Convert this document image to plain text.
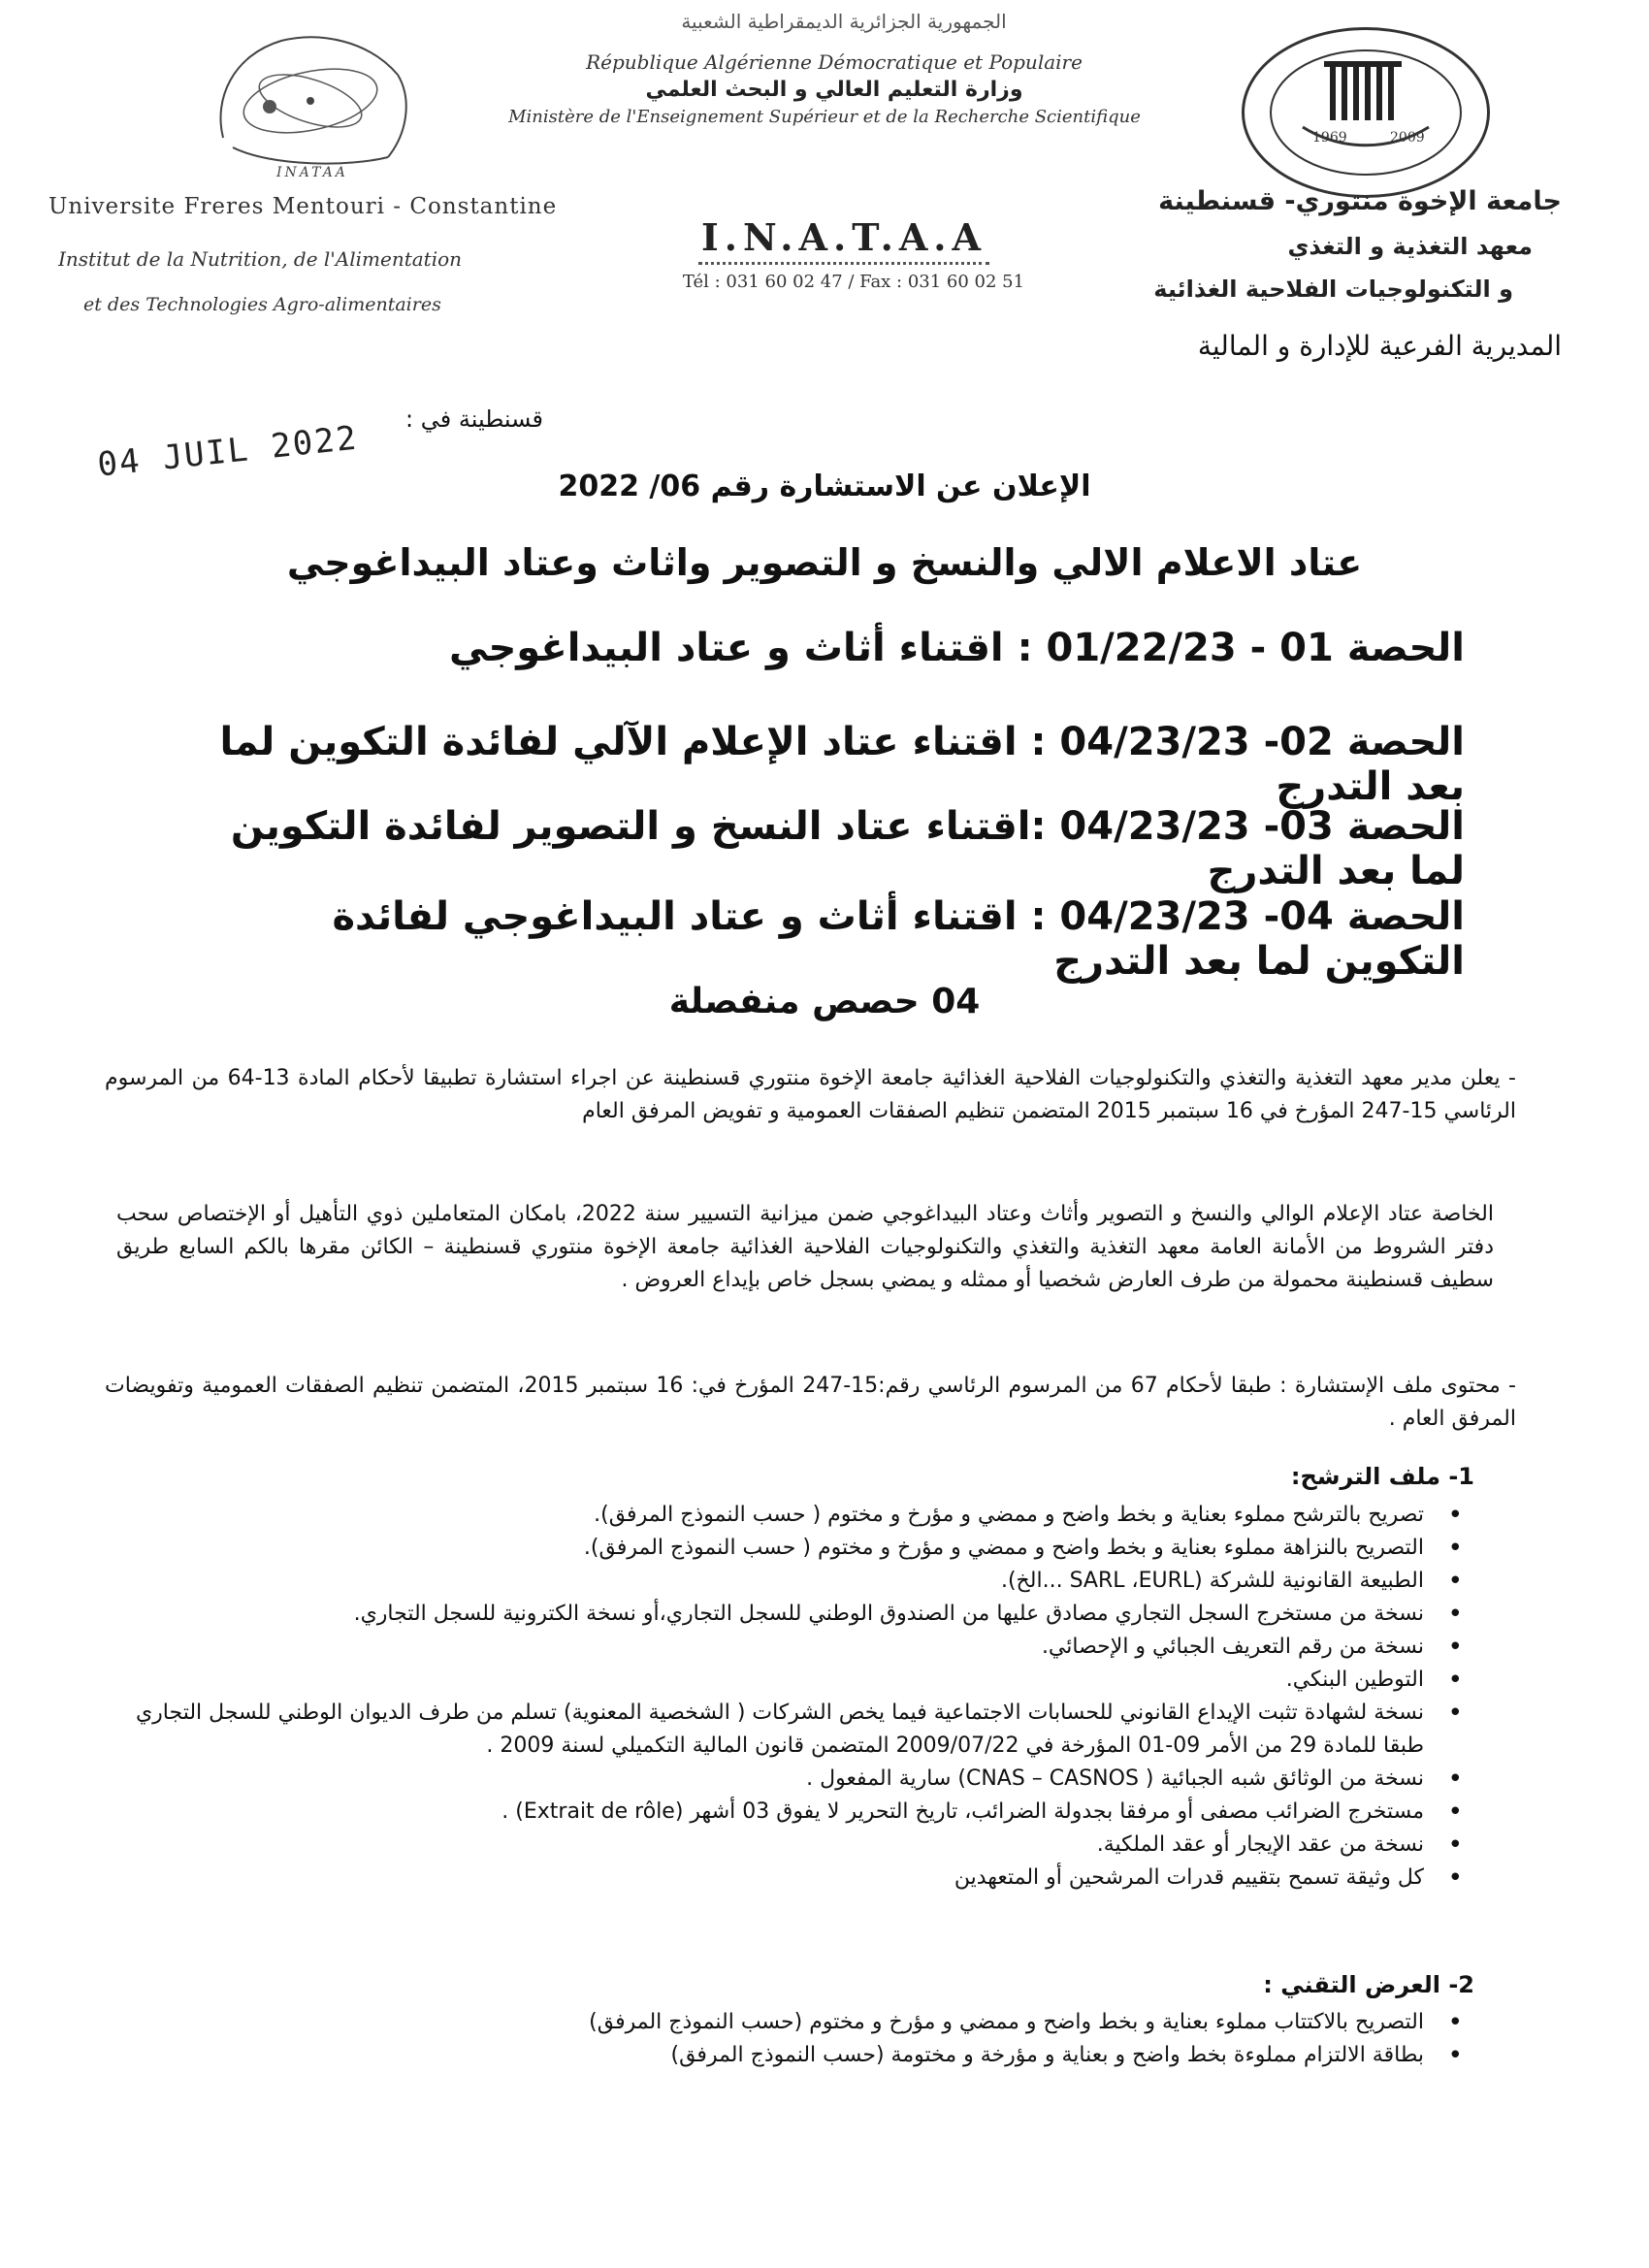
INATAA
الجمهورية الجزائرية الديمقراطية الشعبية
République Algérienne Démocratique et Populaire
وزارة التعليم العالي و البحث العلمي
Ministère de l'Enseignement Supérieur et de la Recherche Scientifique
1969	2009
Universite Freres Mentouri - Constantine
Institut de la Nutrition, de l'Alimentation
et des Technologies Agro-alimentaires
I.N.A.T.A.A
Tél : 031 60 02 47 / Fax : 031 60 02 51
جامعة الإخوة منتوري- قسنطينة
معهد التغذية و التغذي
و التكنولوجيات الفلاحية الغذائية
المديرية الفرعية للإدارة و المالية
قسنطينة في :
04 JUIL 2022
الإعلان عن الاستشارة رقم 06/ 2022
عتاد الاعلام الالي والنسخ و التصوير واثاث وعتاد البيداغوجي
الحصة 01 - 01/22/23 : اقتناء أثاث و عتاد البيداغوجي
الحصة 02- 04/23/23 : اقتناء عتاد الإعلام الآلي لفائدة التكوين لما بعد التدرج
الحصة 03- 04/23/23 :اقتناء عتاد النسخ و التصوير لفائدة التكوين لما بعد التدرج
الحصة 04- 04/23/23 : اقتناء أثاث و عتاد البيداغوجي لفائدة التكوين لما بعد التدرج
04 حصص منفصلة
- يعلن مدير معهد التغذية والتغذي والتكنولوجيات الفلاحية الغذائية جامعة الإخوة منتوري قسنطينة عن اجراء استشارة تطبيقا لأحكام المادة 13-64 من المرسوم الرئاسي 15-247 المؤرخ في 16 سبتمبر 2015 المتضمن تنظيم الصفقات العمومية و تفويض المرفق العام
الخاصة عتاد الإعلام الوالي والنسخ و التصوير وأثاث وعتاد البيداغوجي ضمن ميزانية التسيير سنة 2022، بامكان المتعاملين ذوي التأهيل أو الإختصاص سحب دفتر الشروط من الأمانة العامة معهد التغذية والتغذي والتكنولوجيات الفلاحية الغذائية جامعة الإخوة منتوري قسنطينة – الكائن مقرها بالكم السابع طريق سطيف قسنطينة محمولة من طرف العارض شخصيا أو ممثله و يمضي بسجل خاص بإيداع العروض .
- محتوى ملف الإستشارة : طبقا لأحكام 67 من المرسوم الرئاسي رقم:15-247 المؤرخ في: 16 سبتمبر 2015، المتضمن تنظيم الصفقات العمومية وتفويضات المرفق العام .
1- ملف الترشح:
• تصريح بالترشح مملوء بعناية و بخط واضح و ممضي و مؤرخ و مختوم ( حسب النموذج المرفق).
• التصريح بالنزاهة مملوء بعناية و بخط واضح و ممضي و مؤرخ و مختوم ( حسب النموذج المرفق).
• الطبيعة القانونية للشركة (SARL ،EURL ...الخ).
• نسخة من مستخرج السجل التجاري مصادق عليها من الصندوق الوطني للسجل التجاري،أو نسخة الكترونية للسجل التجاري.
• نسخة من رقم التعريف الجبائي و الإحصائي.
• التوطين البنكي.
• نسخة لشهادة تثبت الإيداع القانوني للحسابات الاجتماعية فيما يخص الشركات ( الشخصية المعنوية) تسلم من طرف الديوان الوطني للسجل التجاري طبقا للمادة 29 من الأمر 09-01 المؤرخة في 2009/07/22 المتضمن قانون المالية التكميلي لسنة 2009 .
• نسخة من الوثائق شبه الجبائية ( CNAS – CASNOS) سارية المفعول .
• مستخرج الضرائب مصفى أو مرفقا بجدولة الضرائب، تاريخ التحرير لا يفوق 03 أشهر (Extrait de rôle) .
• نسخة من عقد الإيجار أو عقد الملكية.
• كل وثيقة تسمح بتقييم قدرات المرشحين أو المتعهدين
2- العرض التقني :
• التصريح بالاكتتاب مملوء بعناية و بخط واضح و ممضي و مؤرخ و مختوم (حسب النموذج المرفق)
• بطاقة الالتزام مملوءة بخط واضح و بعناية و مؤرخة و مختومة (حسب النموذج المرفق)
